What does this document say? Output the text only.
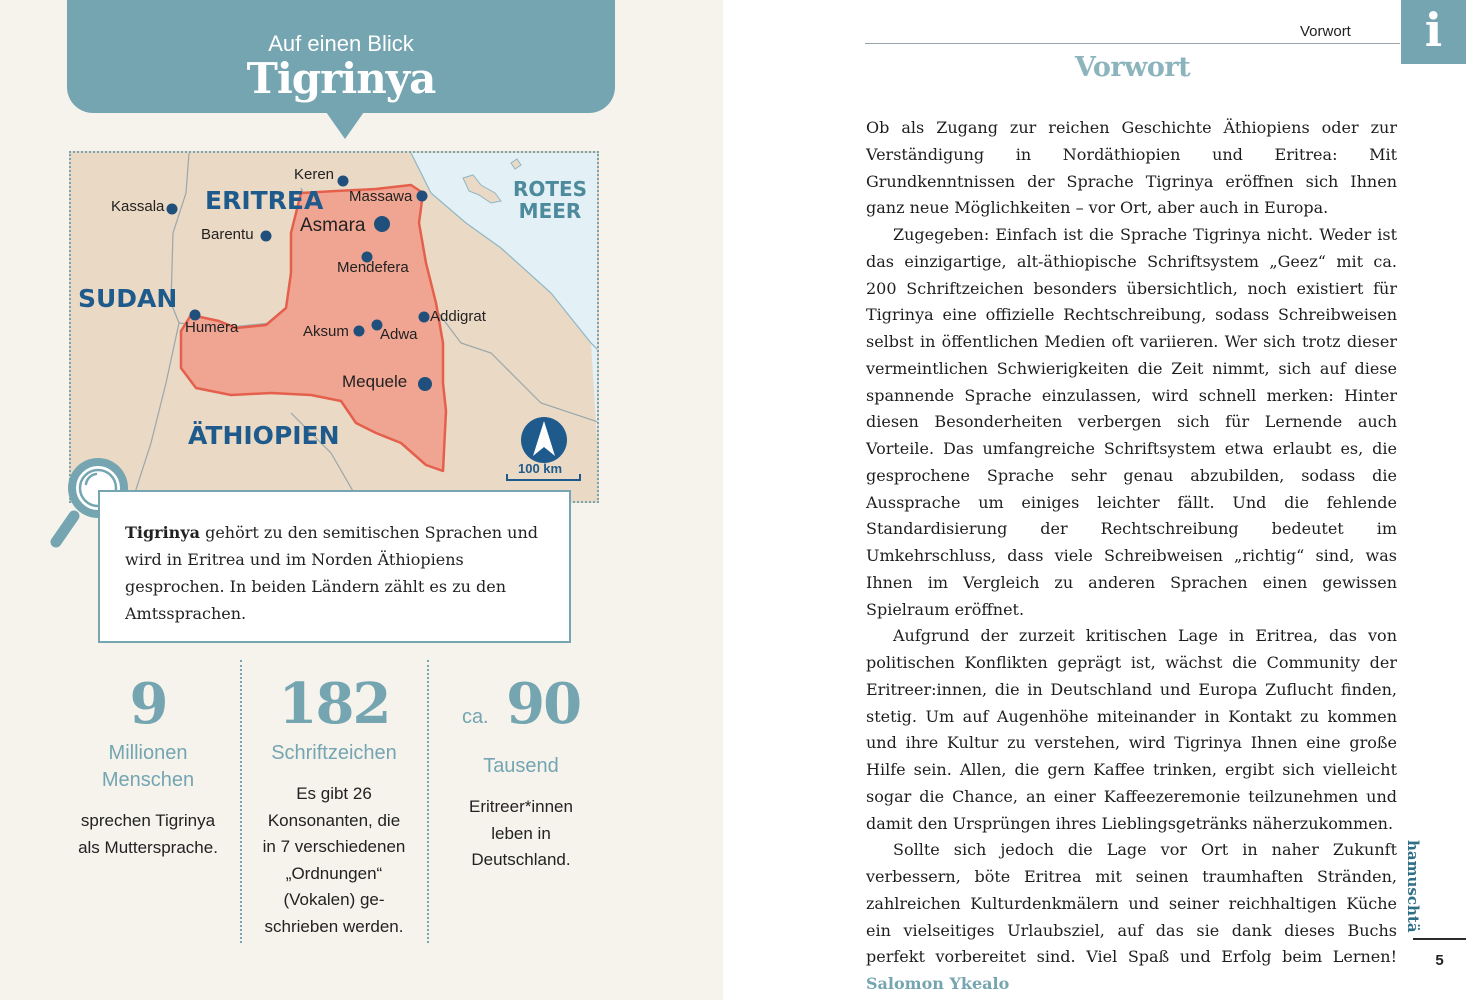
Auf einen Blick
Tigrinya
Keren
Massawa
Kassala
Asmara
Barentu
Mendefera
Humera	Aksum Adwa
Addigrat
Mequele
ERITREA
SUDAN
ÄTHIOPIEN
ROTES
MEER
100 km
Tigrinya gehört zu den semitischen Sprachen und wird in Eritrea und im Norden Äthiopiens gesprochen. In beiden Ländern zählt es zu den Amtssprachen.
9
Millionen
Menschen
sprechen Tigrinya
als Muttersprache.
182
Schriftzeichen
Es gibt 26
Konsonanten, die
in 7 verschiedenen
„Ordnungen“
(Vokalen) ge-
schrieben werden.
ca. 90
Tausend
Eritreer*innen
leben in
Deutschland.
Vorwort	i
Vorwort

Ob als Zugang zur reichen Geschichte Äthiopiens oder zur Verständigung in Nordäthiopien und Eritrea: Mit Grundkenntnissen der Sprache Tigrinya eröffnen sich Ihnen ganz neue Möglichkeiten – vor Ort, aber auch in Europa.

Zugegeben: Einfach ist die Sprache Tigrinya nicht. Weder ist das einzigartige, alt-äthiopische Schriftsystem „Geez“ mit ca. 200 Schriftzeichen besonders übersichtlich, noch existiert für Tigrinya eine offizielle Rechtschreibung, sodass Schreibweisen selbst in öffentlichen Medien oft variieren. Wer sich trotz dieser vermeintlichen Schwierigkeiten die Zeit nimmt, sich auf diese spannende Sprache einzulassen, wird schnell merken: Hinter diesen Besonderheiten verbergen sich für Lernende auch Vorteile. Das umfangreiche Schriftsystem etwa erlaubt es, die gesprochene Sprache sehr genau abzubilden, sodass die Aussprache um einiges leichter fällt. Und die fehlende Standardisierung der Rechtschreibung bedeutet im Umkehrschluss, dass viele Schreibweisen „richtig“ sind, was Ihnen im Vergleich zu anderen Sprachen einen gewissen Spielraum eröffnet.

Aufgrund der zurzeit kritischen Lage in Eritrea, das von politischen Konflikten geprägt ist, wächst die Community der Eritreer:innen, die in Deutschland und Europa Zuflucht finden, stetig. Um auf Augenhöhe miteinander in Kontakt zu kommen und ihre Kultur zu verstehen, wird Tigrinya Ihnen eine große Hilfe sein. Allen, die gern Kaffee trinken, ergibt sich vielleicht sogar die Chance, an einer Kaffeezeremonie teilzunehmen und damit den Ursprüngen ihres Lieblingsgetränks näherzukommen.

Sollte sich jedoch die Lage vor Ort in naher Zukunft verbessern, böte Eritrea mit seinen traumhaften Stränden, zahlreichen Kulturdenkmälern und seiner reichhaltigen Küche ein vielseitiges Urlaubsziel, auf das sie dank dieses Buchs perfekt vorbereitet sind. Viel Spaß und Erfolg beim Lernen! Salomon Ykealo

hamuschtä
5
